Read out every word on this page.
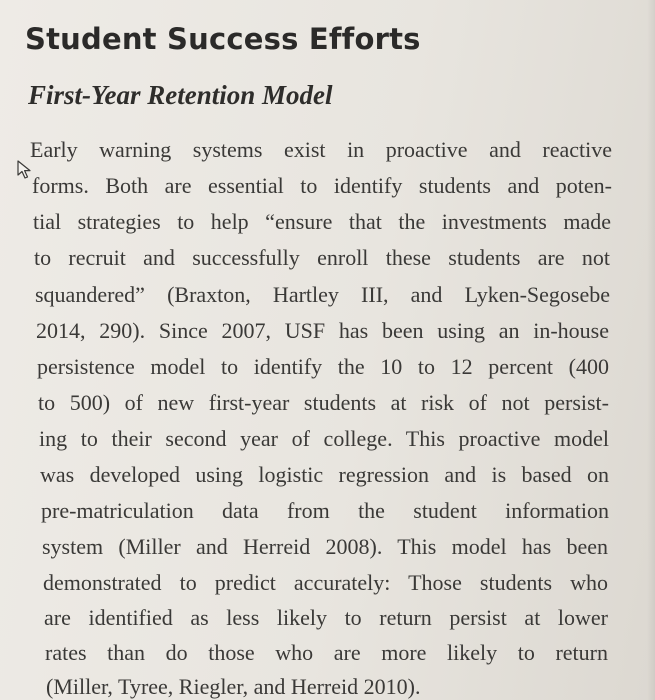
Student Success Efforts
First-Year Retention Model

Early warning systems exist in proactive and reactive

forms. Both are essential to identify students and poten-

tial strategies to help “ensure that the investments made

to recruit and successfully enroll these students are not

squandered” (Braxton, Hartley III, and Lyken-Segosebe

2014, 290). Since 2007, USF has been using an in-house

persistence model to identify the 10 to 12 percent (400

to 500) of new first-year students at risk of not persist-

ing to their second year of college. This proactive model

was developed using logistic regression and is based on

pre-matriculation data from the student information

system (Miller and Herreid 2008). This model has been

demonstrated to predict accurately: Those students who

are identified as less likely to return persist at lower

rates than do those who are more likely to return

(Miller, Tyree, Riegler, and Herreid 2010).
